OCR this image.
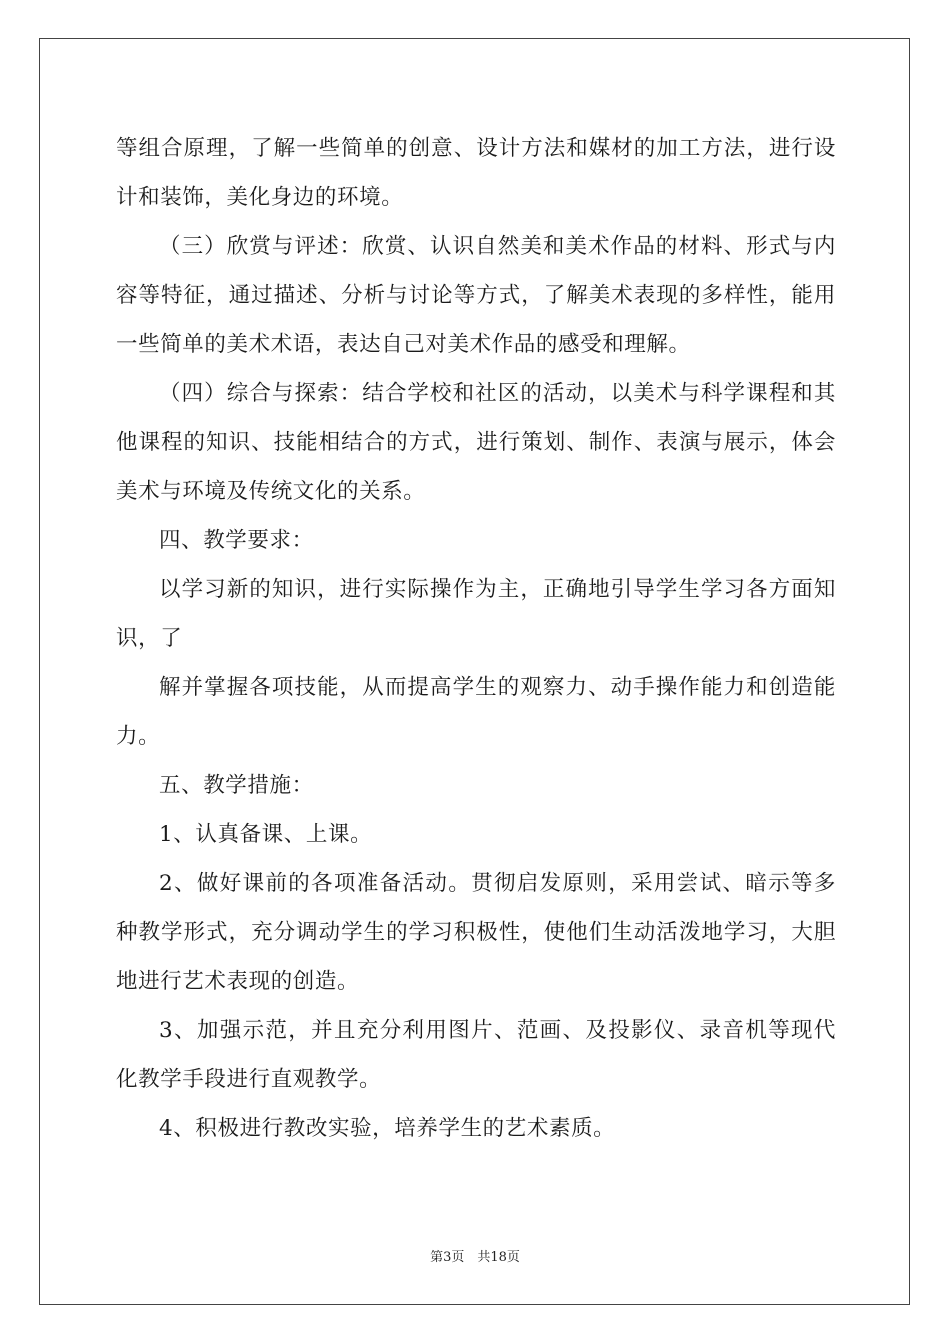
等组合原理，了解一些简单的创意、设计方法和媒材的加工方法，进行设计和装饰，美化身边的环境。

（三）欣赏与评述：欣赏、认识自然美和美术作品的材料、形式与内容等特征，通过描述、分析与讨论等方式，了解美术表现的多样性，能用一些简单的美术术语，表达自己对美术作品的感受和理解。

（四）综合与探索：结合学校和社区的活动，以美术与科学课程和其他课程的知识、技能相结合的方式，进行策划、制作、表演与展示，体会美术与环境及传统文化的关系。

四、教学要求：

以学习新的知识，进行实际操作为主，正确地引导学生学习各方面知识，了

解并掌握各项技能，从而提高学生的观察力、动手操作能力和创造能力。

五、教学措施：

1、认真备课、上课。

2、做好课前的各项准备活动。贯彻启发原则，采用尝试、暗示等多种教学形式，充分调动学生的学习积极性，使他们生动活泼地学习，大胆地进行艺术表现的创造。

3、加强示范，并且充分利用图片、范画、及投影仪、录音机等现代化教学手段进行直观教学。

4、积极进行教改实验，培养学生的艺术素质。

第3页　共18页
